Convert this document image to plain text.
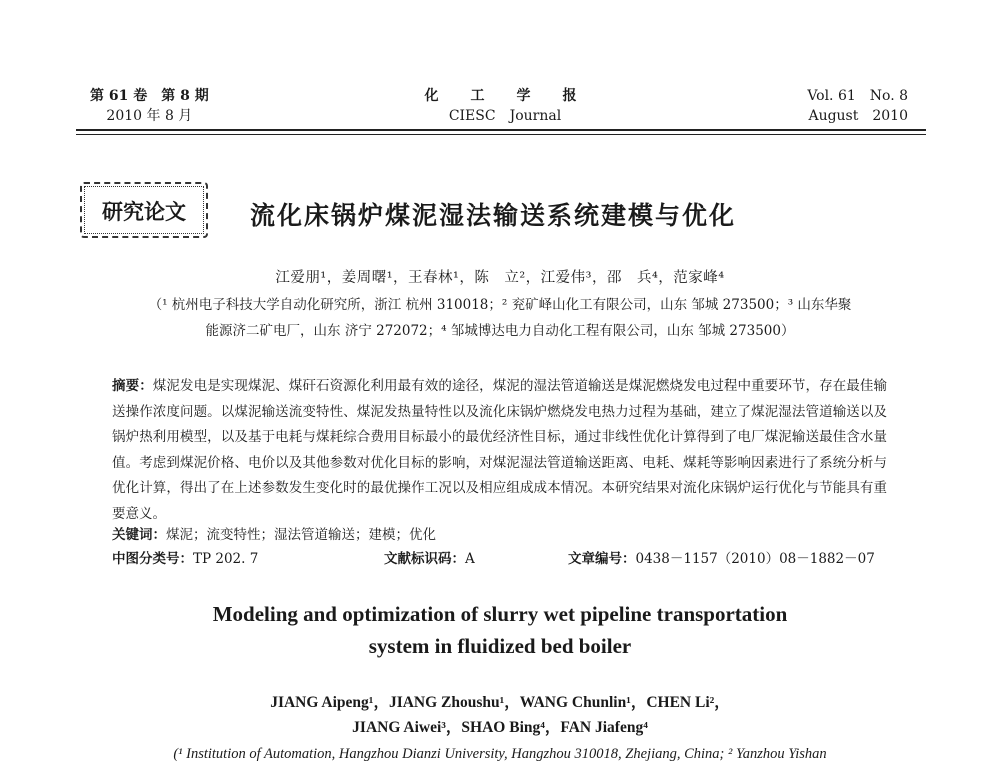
第 61 卷　第 8 期
2010 年 8 月
化　工　学　报
CIESC　Journal
Vol. 61　No. 8
August　2010
研究论文	流化床锅炉煤泥湿法输送系统建模与优化
江爱朋¹，姜周曙¹，王春林¹，陈　立²，江爱伟³，邵　兵⁴，范家峰⁴
（¹ 杭州电子科技大学自动化研究所，浙江 杭州 310018；² 兖矿峄山化工有限公司，山东 邹城 273500；³ 山东华聚
能源济二矿电厂，山东 济宁 272072；⁴ 邹城博达电力自动化工程有限公司，山东 邹城 273500）
摘要：煤泥发电是实现煤泥、煤矸石资源化利用最有效的途径，煤泥的湿法管道输送是煤泥燃烧发电过程中重要环节，存在最佳输送操作浓度问题。以煤泥输送流变特性、煤泥发热量特性以及流化床锅炉燃烧发电热力过程为基础，建立了煤泥湿法管道输送以及锅炉热利用模型，以及基于电耗与煤耗综合费用目标最小的最优经济性目标，通过非线性优化计算得到了电厂煤泥输送最佳含水量值。考虑到煤泥价格、电价以及其他参数对优化目标的影响，对煤泥湿法管道输送距离、电耗、煤耗等影响因素进行了系统分析与优化计算，得出了在上述参数发生变化时的最优操作工况以及相应组成成本情况。本研究结果对流化床锅炉运行优化与节能具有重要意义。
关键词：煤泥；流变特性；湿法管道输送；建模；优化
中图分类号：TP 202. 7	文献标识码：A	文章编号：0438－1157（2010）08－1882－07
Modeling and optimization of slurry wet pipeline transportation
system in fluidized bed boiler
JIANG Aipeng¹，JIANG Zhoushu¹，WANG Chunlin¹，CHEN Li²，
JIANG Aiwei³，SHAO Bing⁴，FAN Jiafeng⁴
(¹ Institution of Automation, Hangzhou Dianzi University, Hangzhou 310018, Zhejiang, China; ² Yanzhou Yishan
